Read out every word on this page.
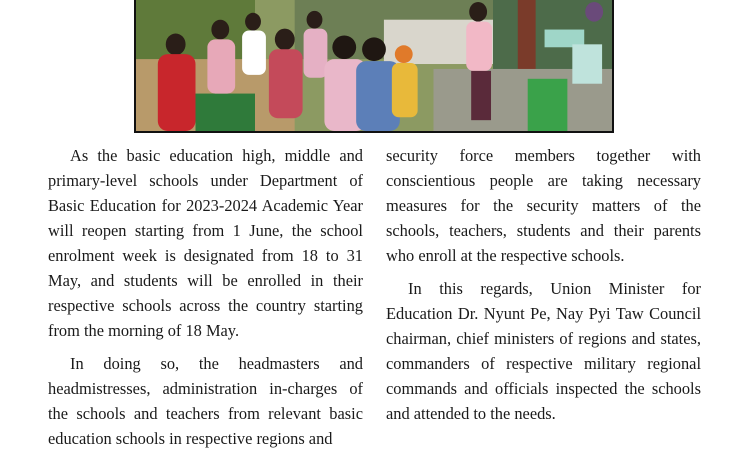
As the basic education high, middle and primary-level schools under Department of Basic Education for 2023-2024 Academic Year will reopen starting from 1 June, the school enrolment week is designated from 18 to 31 May, and students will be enrolled in their respective schools across the country starting from the morning of 18 May.

In doing so, the headmasters and headmistresses, administration in-charges of the schools and teachers from relevant basic education schools in respective regions and

security force members together with conscientious people are taking necessary measures for the security matters of the schools, teachers, students and their parents who enroll at the respective schools.

In this regards, Union Minister for Education Dr. Nyunt Pe, Nay Pyi Taw Council chairman, chief ministers of regions and states, commanders of respective military regional commands and officials inspected the schools and attended to the needs.
